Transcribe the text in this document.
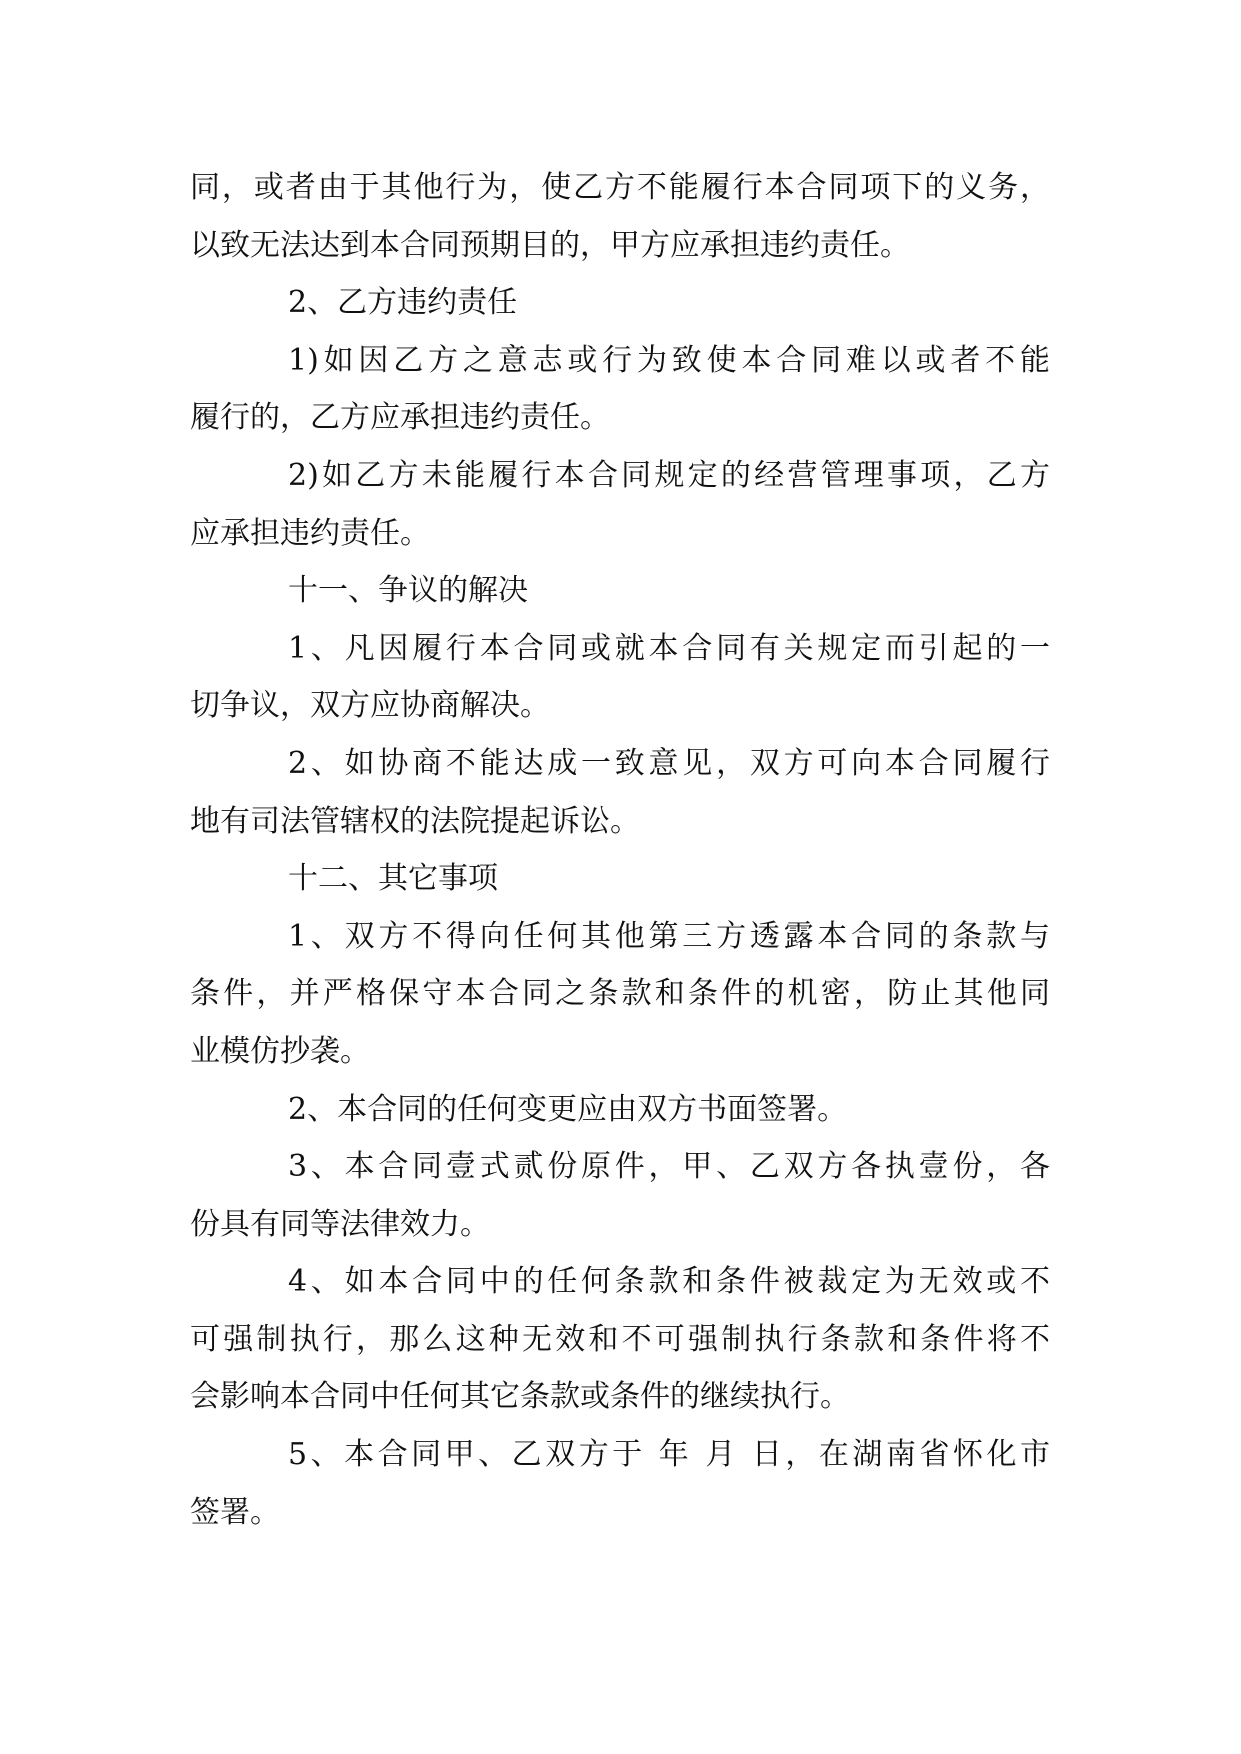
同，或者由于其他行为，使乙方不能履行本合同项下的义务，
以致无法达到本合同预期目的，甲方应承担违约责任。

2、乙方违约责任

1)如因乙方之意志或行为致使本合同难以或者不能
履行的，乙方应承担违约责任。

2)如乙方未能履行本合同规定的经营管理事项，乙方
应承担违约责任。

十一、争议的解决

1、凡因履行本合同或就本合同有关规定而引起的一
切争议，双方应协商解决。

2、如协商不能达成一致意见，双方可向本合同履行
地有司法管辖权的法院提起诉讼。

十二、其它事项

1、双方不得向任何其他第三方透露本合同的条款与
条件，并严格保守本合同之条款和条件的机密，防止其他同
业模仿抄袭。

2、本合同的任何变更应由双方书面签署。

3、本合同壹式贰份原件，甲、乙双方各执壹份，各
份具有同等法律效力。

4、如本合同中的任何条款和条件被裁定为无效或不
可强制执行，那么这种无效和不可强制执行条款和条件将不
会影响本合同中任何其它条款或条件的继续执行。

5、本合同甲、乙双方于 年 月 日，在湖南省怀化市
签署。
